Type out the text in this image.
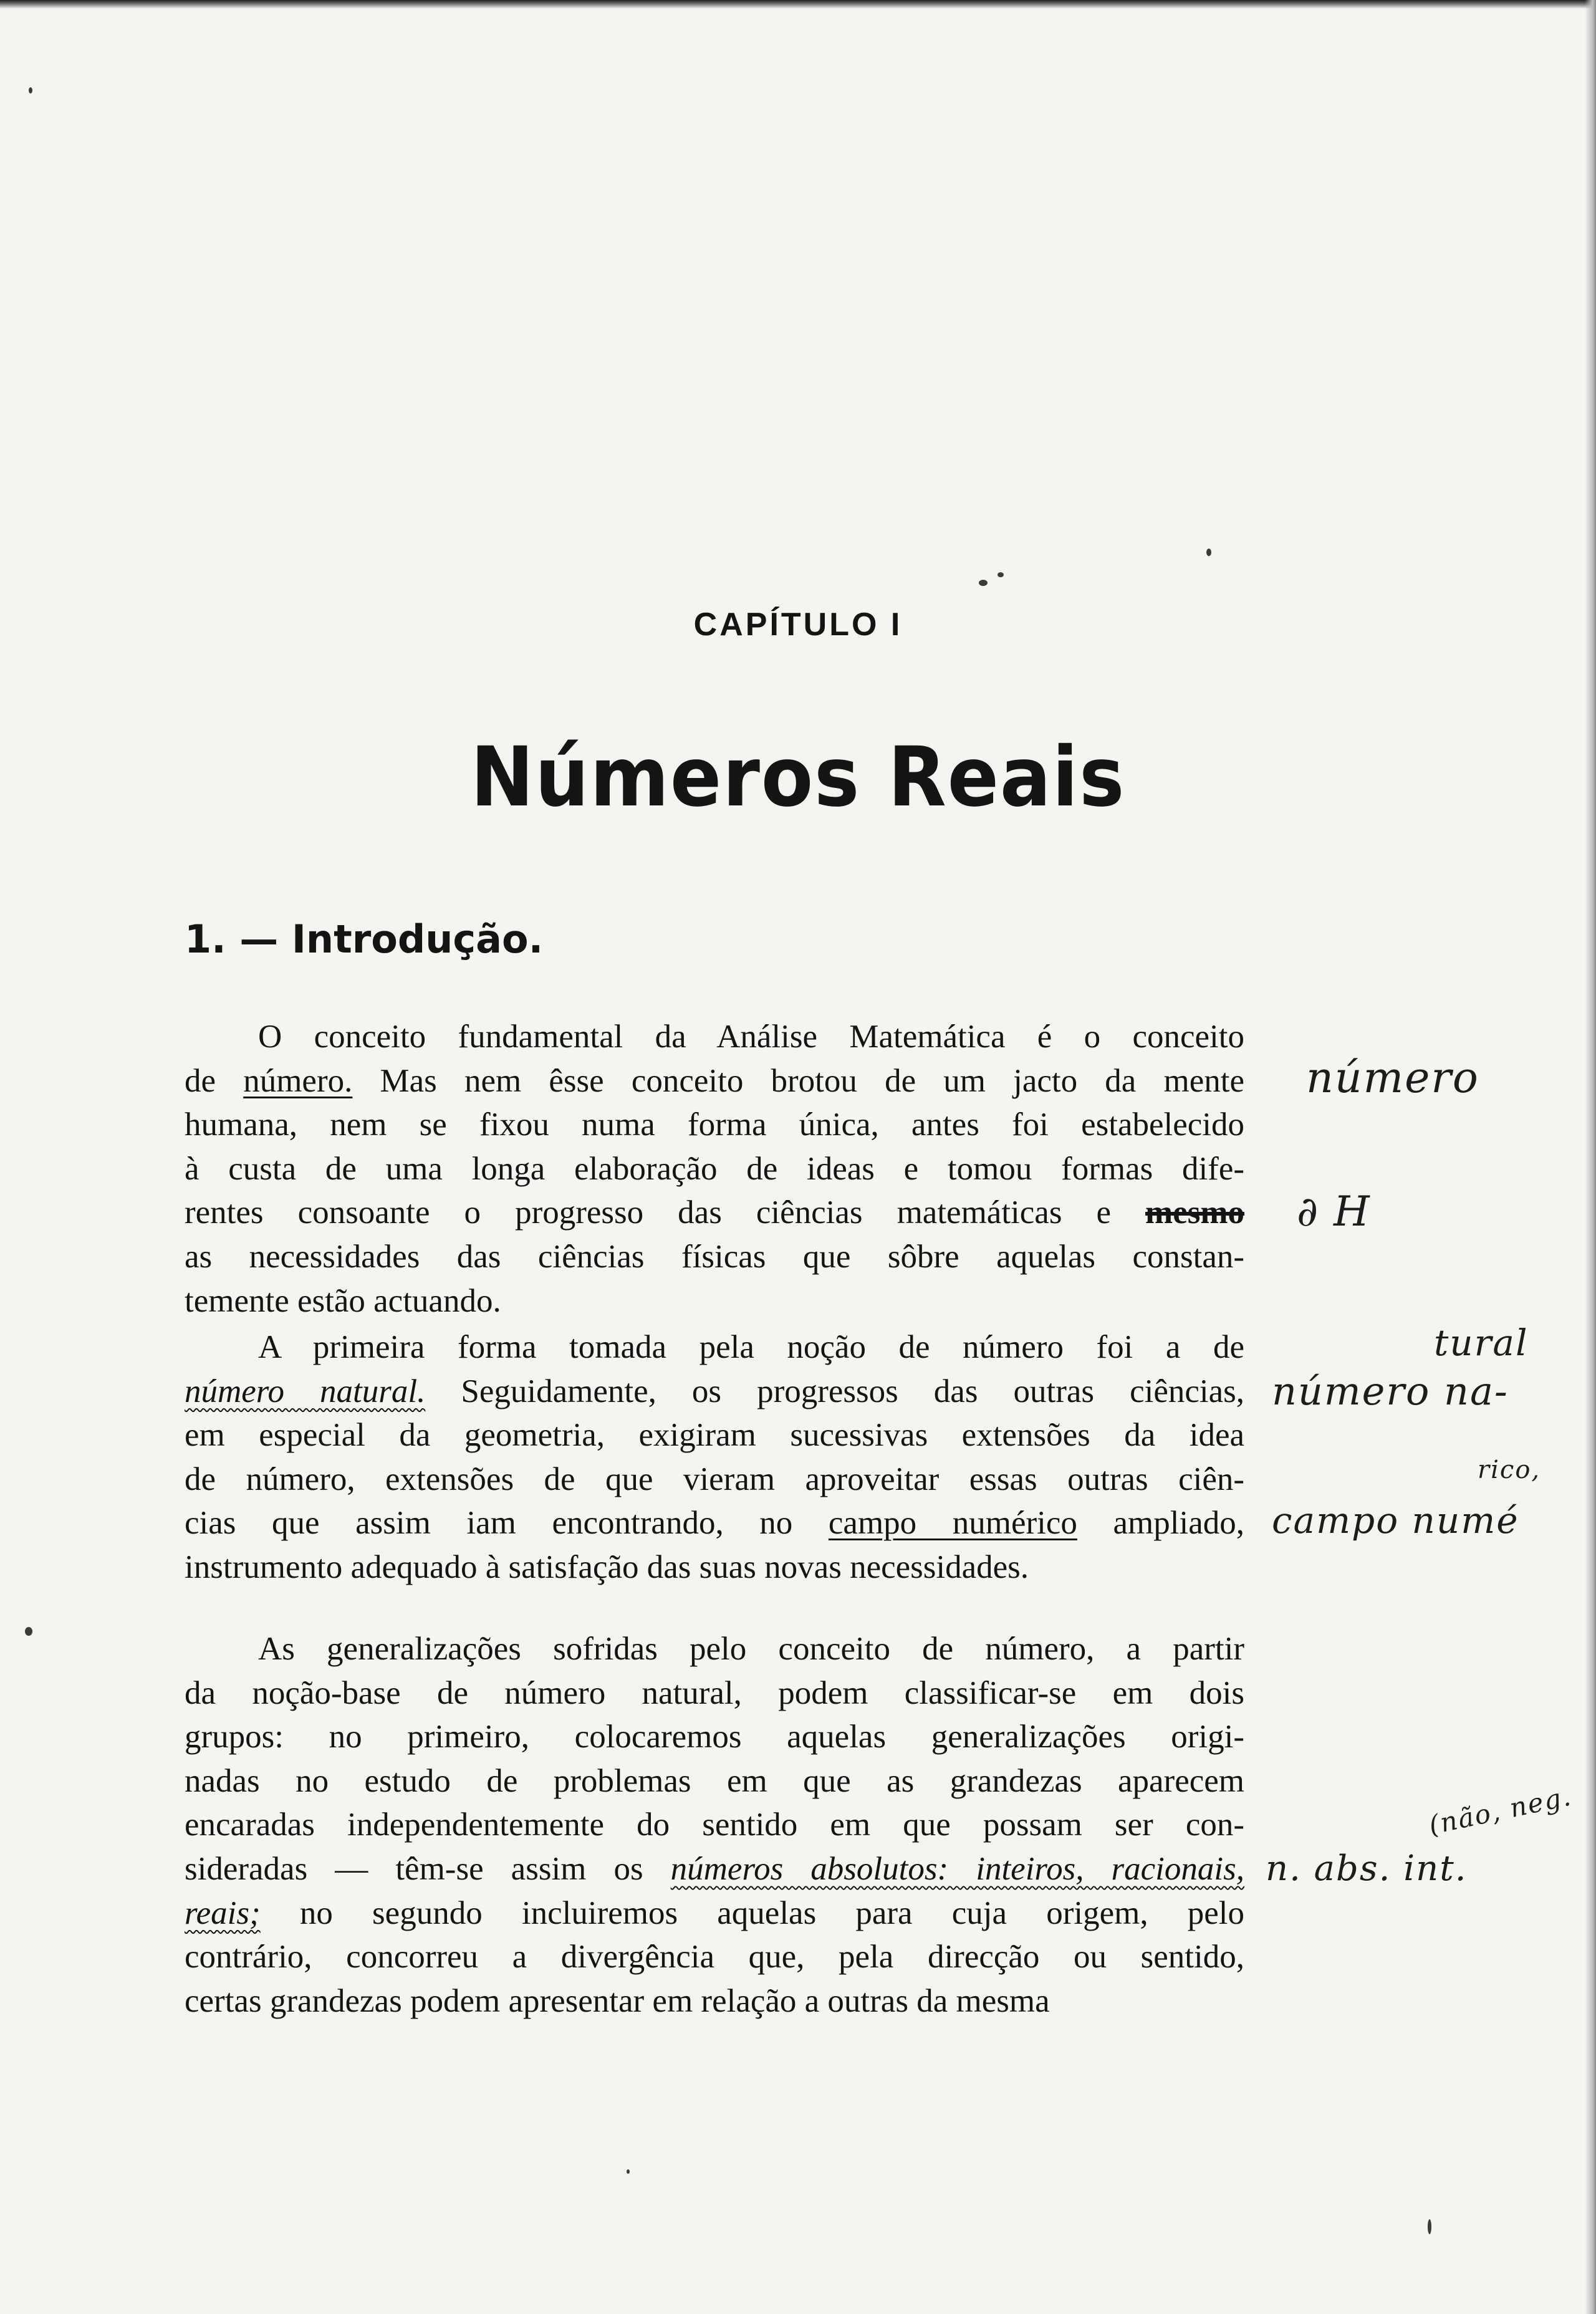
CAPÍTULO I
Números Reais
1. — Introdução.
O conceito fundamental da Análise Matemática é o conceito
de número. Mas nem êsse conceito brotou de um jacto da mente
humana, nem se fixou numa forma única, antes foi estabelecido
à custa de uma longa elaboração de ideas e tomou formas dife-
rentes consoante o progresso das ciências matemáticas e mesmo
as necessidades das ciências físicas que sôbre aquelas constan-
temente estão actuando.
A primeira forma tomada pela noção de número foi a de
número natural. Seguidamente, os progressos das outras ciências,
em especial da geometria, exigiram sucessivas extensões da idea
de número, extensões de que vieram aproveitar essas outras ciên-
cias que assim iam encontrando, no campo numérico ampliado,
instrumento adequado à satisfação das suas novas necessidades.
As generalizações sofridas pelo conceito de número, a partir
da noção-base de número natural, podem classificar-se em dois
grupos: no primeiro, colocaremos aquelas generalizações origi-
nadas no estudo de problemas em que as grandezas aparecem
encaradas independentemente do sentido em que possam ser con-
sideradas — têm-se assim os números absolutos: inteiros, racionais,
reais; no segundo incluiremos aquelas para cuja origem, pelo
contrário, concorreu a divergência que, pela direcção ou sentido,
certas grandezas podem apresentar em relação a outras da mesma
número
∂ H
tural
número na-
rico,
campo numé
(não, neg.
n. abs. int.
